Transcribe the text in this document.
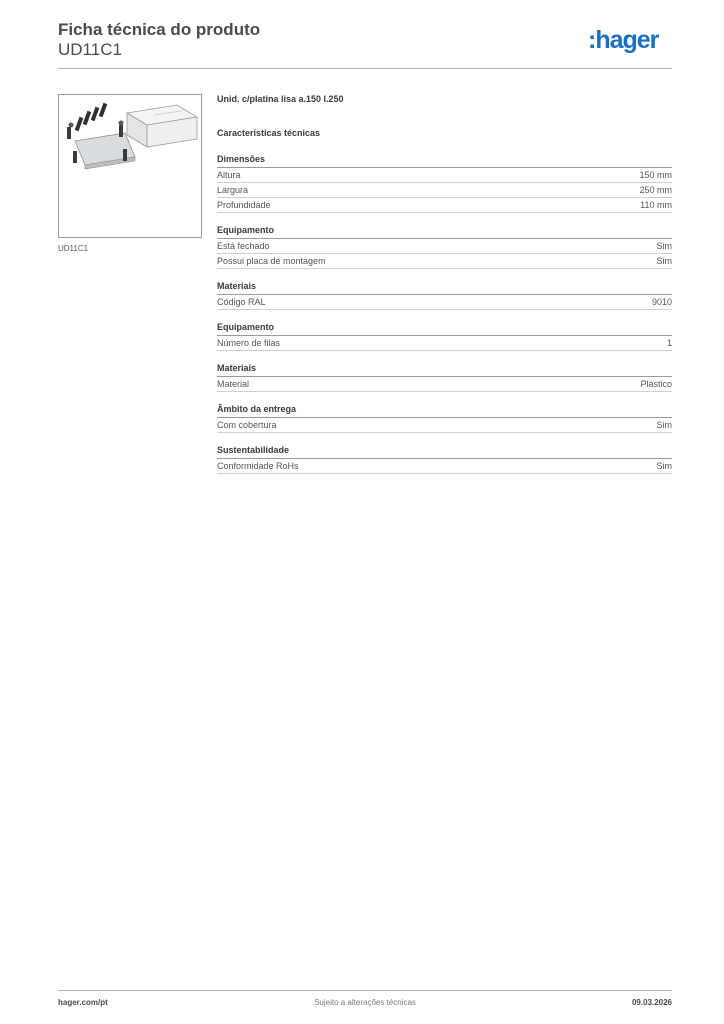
Ficha técnica do produto
UD11C1	:hager
UD11C1
Unid. c/platina lisa a.150 l.250
Características técnicas
Dimensões
Altura	150 mm
Largura	250 mm
Profundidade	110 mm
Equipamento
Está fechado	Sim
Possui placa de montagem	Sim
Materiais
Código RAL	9010
Equipamento
Número de filas	1
Materiais
Material	Plástico
Âmbito da entrega
Com cobertura	Sim
Sustentabilidade
Conformidade RoHs	Sim
hager.com/pt	Sujeito a alterações técnicas	09.03.2026
